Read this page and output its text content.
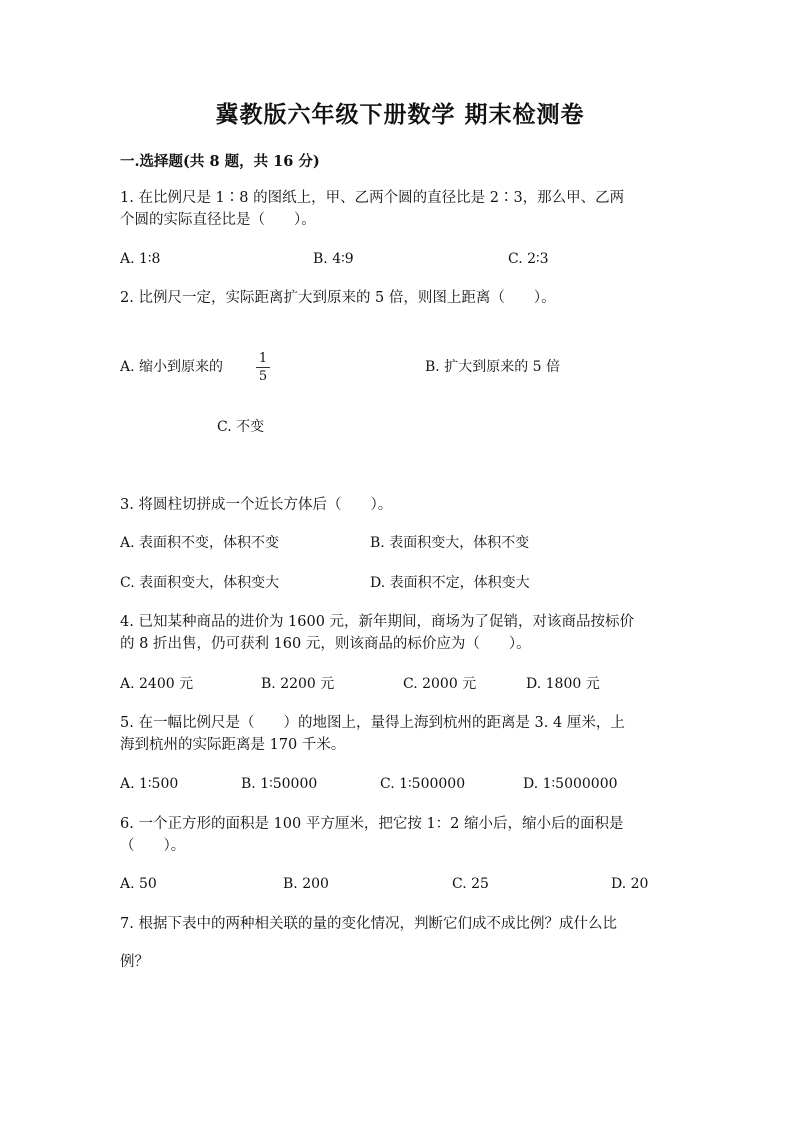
冀教版六年级下册数学 期末检测卷
一.选择题(共 8 题，共 16 分)
1. 在比例尺是 1∶8 的图纸上，甲、乙两个圆的直径比是 2∶3，那么甲、乙两
个圆的实际直径比是（　　）。
A. 1∶8	B. 4∶9	C. 2∶3
2. 比例尺一定，实际距离扩大到原来的 5 倍，则图上距离（　　）。
A. 缩小到原来的
1
5
B. 扩大到原来的 5 倍
C. 不变
3. 将圆柱切拼成一个近长方体后（　　）。
A. 表面积不变，体积不变	B. 表面积变大，体积不变
C. 表面积变大，体积变大	D. 表面积不定，体积变大
4. 已知某种商品的进价为 1600 元，新年期间，商场为了促销，对该商品按标价
的 8 折出售，仍可获利 160 元，则该商品的标价应为（　　）。
A. 2400 元	B. 2200 元	C. 2000 元	D. 1800 元
5. 在一幅比例尺是（　　）的地图上，量得上海到杭州的距离是 3. 4 厘米，上
海到杭州的实际距离是 170 千米。
A. 1∶500	B. 1∶50000	C. 1∶500000	D. 1∶5000000
6. 一个正方形的面积是 100 平方厘米，把它按 1：2 缩小后，缩小后的面积是
（　　）。
A. 50	B. 200	C. 25	D. 20
7. 根据下表中的两种相关联的量的变化情况，判断它们成不成比例？成什么比
例？
